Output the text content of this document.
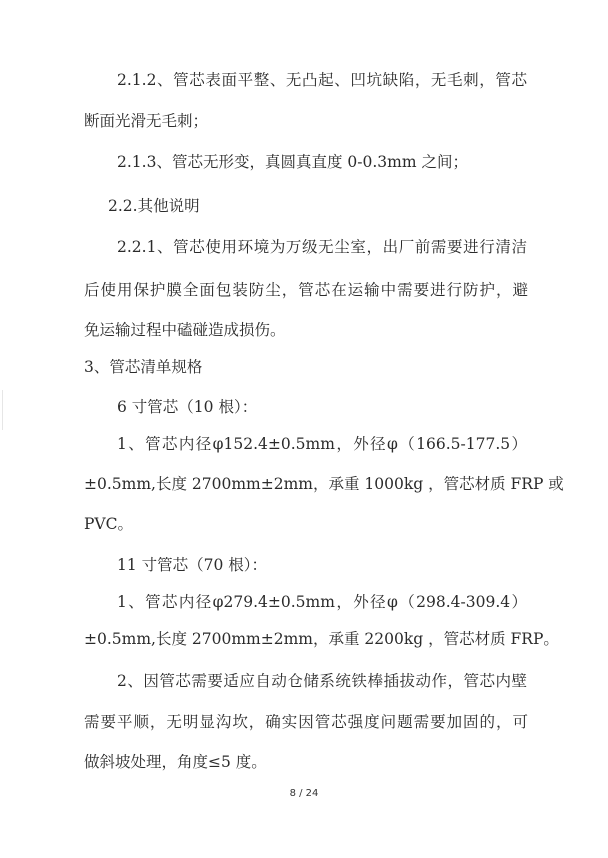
2.1.2、管芯表面平整、无凸起、凹坑缺陷，无毛刺，管芯
断面光滑无毛刺；
2.1.3、管芯无形变，真圆真直度 0-0.3mm 之间；
2.2.其他说明
2.2.1、管芯使用环境为万级无尘室，出厂前需要进行清洁
后使用保护膜全面包装防尘，管芯在运输中需要进行防护，避
免运输过程中磕碰造成损伤。
3、管芯清单规格
6 寸管芯（10 根）：
1、管芯内径φ152.4±0.5mm，外径φ（166.5-177.5）
±0.5mm,长度 2700mm±2mm，承重 1000kg ，管芯材质 FRP 或
PVC。
11 寸管芯（70 根）：
1、管芯内径φ279.4±0.5mm，外径φ（298.4-309.4）
±0.5mm,长度 2700mm±2mm，承重 2200kg ，管芯材质 FRP。
2、因管芯需要适应自动仓储系统铁棒插拔动作，管芯内壁
需要平顺，无明显沟坎，确实因管芯强度问题需要加固的，可
做斜坡处理，角度≤5 度。
8 / 24
